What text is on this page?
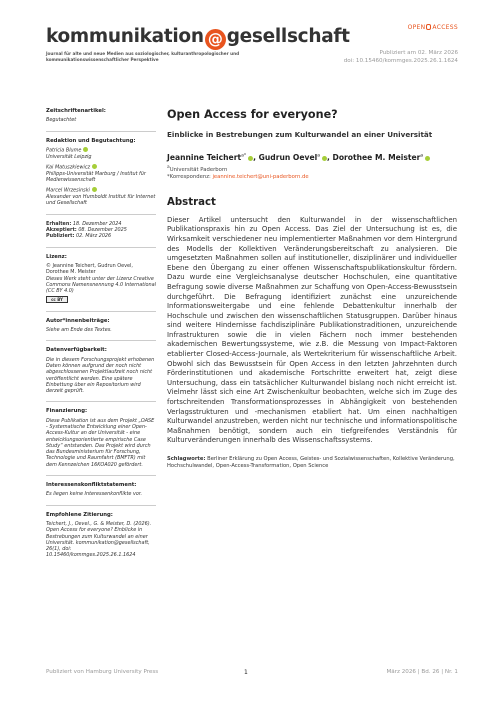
kommunikation @ gesellschaft
Journal für alte und neue Medien aus soziologischer, kulturanthropologischer und kommunikationswissenschaftlicher Perspektive
OPEN ACCESS
Publiziert am 02. März 2026
doi: 10.15460/kommges.2025.26.1.1624
Zeitschriftenartikel:
Begutachtet
Redaktion und Begutachtung:
Patricia Blume
Universität Leipzig
Kai Matuszkiewicz
Philipps-Universität Marburg / Institut für Medienwissenschaft
Marcel Wrzesinski
Alexander von Humboldt Institut für Internet und Gesellschaft
Erhalten: 18. Dezember 2024
Akzeptiert: 08. Dezember 2025
Publiziert: 02. März 2026
Lizenz:
© Jeannine Teichert, Gudrun Oevel, Dorothee M. Meister
Dieses Werk steht unter der Lizenz Creative Commons Namensnennung 4.0 International (CC BY 4.0)
cc BY
Autor*innenbeiträge:
Siehe am Ende des Textes.
Datenverfügbarkeit:
Die in diesem Forschungsprojekt erhobenen Daten können aufgrund der noch nicht abgeschlossenen Projektlaufzeit noch nicht veröffentlicht werden. Eine spätere Einbettung über ein Repositorium wird derzeit geprüft.
Finanzierung:
Diese Publikation ist aus dem Projekt „OASE - Systematische Entwicklung einer Open-Access-Kultur an der Universität - eine entwicklungsorientierte empirische Case Study“ entstanden. Das Projekt wird durch das Bundesministerium für Forschung, Technologie und Raumfahrt (BMFTR) mit dem Kennzeichen 16KOA020 gefördert.
Interessenskonfliktstatement:
Es liegen keine Interessenkonflikte vor.
Empfohlene Zitierung:
Teichert, J., Oevel., G. & Meister, D. (2026). Open Access for everyone? Einblicke in Bestrebungen zum Kulturwandel an einer Universität. kommunikation@gesellschaft, 26(1), doi: 10.15460/kommges.2025.26.1.1624
Open Access for everyone?
Einblicke in Bestrebungen zum Kulturwandel an einer Universität
Jeannine Teichert$^{a*}$ , Gudrun Oevel$^a$ , Dorothee M. Meister$^a$
$^a$Universität Paderborn
*Korrespondenz: jeannine.teichert@uni-paderborn.de
Abstract
Dieser Artikel untersucht den Kulturwandel in der wissenschaftlichen Publikationspraxis hin zu Open Access. Das Ziel der Untersuchung ist es, die Wirksamkeit verschiedener neu implementierter Maßnahmen vor dem Hintergrund des Modells der Kollektiven Veränderungsbereitschaft zu analysieren. Die umgesetzten Maßnahmen sollen auf institutioneller, disziplinärer und individueller Ebene den Übergang zu einer offenen Wissenschaftspublikationskultur fördern. Dazu wurde eine Vergleichsanalyse deutscher Hochschulen, eine quantitative Befragung sowie diverse Maßnahmen zur Schaffung von Open-Access-Bewusstsein durchgeführt. Die Befragung identifiziert zunächst eine unzureichende Informationsweitergabe und eine fehlende Debattenkultur innerhalb der Hochschule und zwischen den wissenschaftlichen Statusgruppen. Darüber hinaus sind weitere Hindernisse fachdisziplinäre Publikationstraditionen, unzureichende Infrastrukturen sowie die in vielen Fächern noch immer bestehenden akademischen Bewertungssysteme, wie z.B. die Messung von Impact-Faktoren etablierter Closed-Access-Journale, als Wertekriterium für wissenschaftliche Arbeit. Obwohl sich das Bewusstsein für Open Access in den letzten Jahrzehnten durch Förderinstitutionen und akademische Fortschritte erweitert hat, zeigt diese Untersuchung, dass ein tatsächlicher Kulturwandel bislang noch nicht erreicht ist. Vielmehr lässt sich eine Art Zwischenkultur beobachten, welche sich im Zuge des fortschreitenden Transformationsprozesses in Abhängigkeit von bestehenden Verlagsstrukturen und -mechanismen etabliert hat. Um einen nachhaltigen Kulturwandel anzustreben, werden nicht nur technische und informationspolitische Maßnahmen benötigt, sondern auch ein tiefgreifendes Verständnis für Kulturveränderungen innerhalb des Wissenschaftssystems.
Schlagworte: Berliner Erklärung zu Open Access, Geistes- und Sozialwissenschaften, Kollektive Veränderung, Hochschulwandel, Open-Access-Transformation, Open Science
Publiziert von Hamburg University Press	1	März 2026 | Bd. 26 | Nr. 1
